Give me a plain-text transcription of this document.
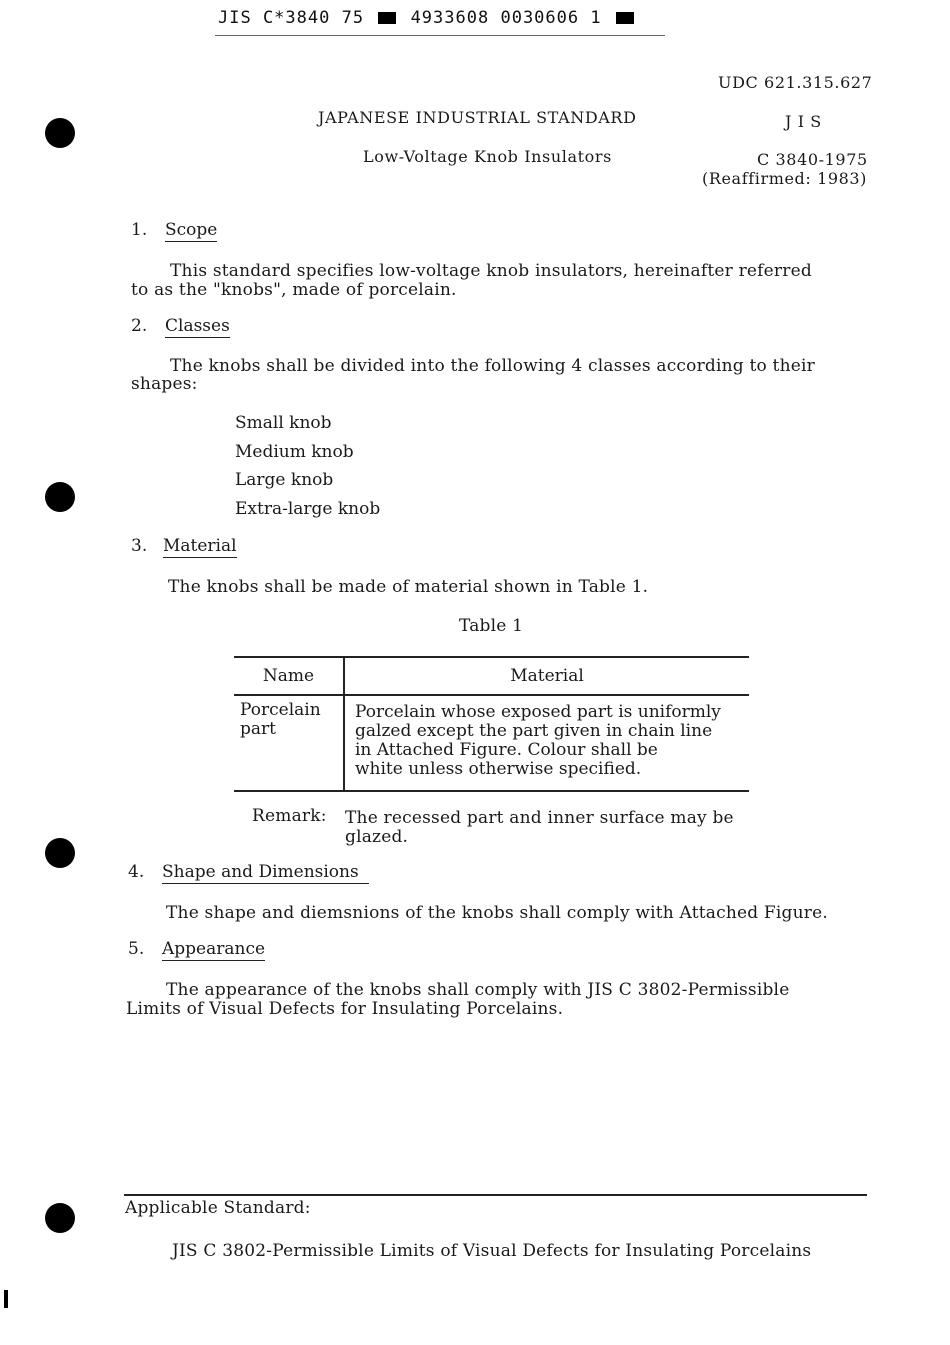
JIS C*3840 75	4933608 0030606 1
UDC 621.315.627
JAPANESE INDUSTRIAL STANDARD	J I S
Low-Voltage Knob Insulators	C 3840-1975
(Reaffirmed: 1983)
1. Scope
This standard specifies low-voltage knob insulators, hereinafter referred
to as the "knobs", made of porcelain.
2. Classes
The knobs shall be divided into the following 4 classes according to their
shapes:
Small knob
Medium knob
Large knob
Extra-large knob
3. Material
The knobs shall be made of material shown in Table 1.
Table 1
Name	Material

Porcelain
part	Porcelain whose exposed part is uniformly
galzed except the part given in chain line
in Attached Figure. Colour shall be
white unless otherwise specified.
Remark: The recessed part and inner surface may be
glazed.
4. Shape and Dimensions
The shape and diemsnions of the knobs shall comply with Attached Figure.
5. Appearance
The appearance of the knobs shall comply with JIS C 3802-Permissible
Limits of Visual Defects for Insulating Porcelains.
Applicable Standard:
JIS C 3802-Permissible Limits of Visual Defects for Insulating Porcelains
